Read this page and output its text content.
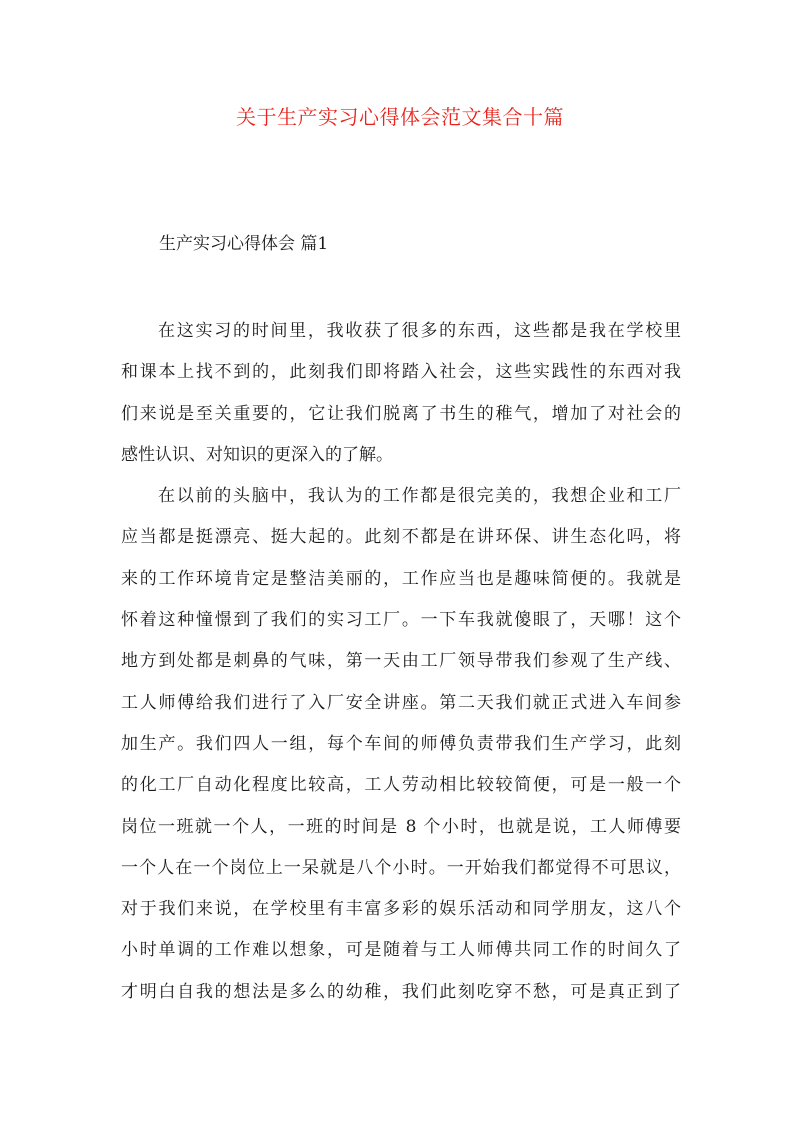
关于生产实习心得体会范文集合十篇
生产实习心得体会 篇1
在这实习的时间里，我收获了很多的东西，这些都是我在学校里
和课本上找不到的，此刻我们即将踏入社会，这些实践性的东西对我
们来说是至关重要的，它让我们脱离了书生的稚气，增加了对社会的
感性认识、对知识的更深入的了解。
在以前的头脑中，我认为的工作都是很完美的，我想企业和工厂
应当都是挺漂亮、挺大起的。此刻不都是在讲环保、讲生态化吗，将
来的工作环境肯定是整洁美丽的，工作应当也是趣味简便的。我就是
怀着这种憧憬到了我们的实习工厂。一下车我就傻眼了，天哪！这个
地方到处都是刺鼻的气味，第一天由工厂领导带我们参观了生产线、
工人师傅给我们进行了入厂安全讲座。第二天我们就正式进入车间参
加生产。我们四人一组，每个车间的师傅负责带我们生产学习，此刻
的化工厂自动化程度比较高，工人劳动相比较较简便，可是一般一个
岗位一班就一个人，一班的时间是 8 个小时，也就是说，工人师傅要
一个人在一个岗位上一呆就是八个小时。一开始我们都觉得不可思议，
对于我们来说，在学校里有丰富多彩的娱乐活动和同学朋友，这八个
小时单调的工作难以想象，可是随着与工人师傅共同工作的时间久了
才明白自我的想法是多么的幼稚，我们此刻吃穿不愁，可是真正到了
